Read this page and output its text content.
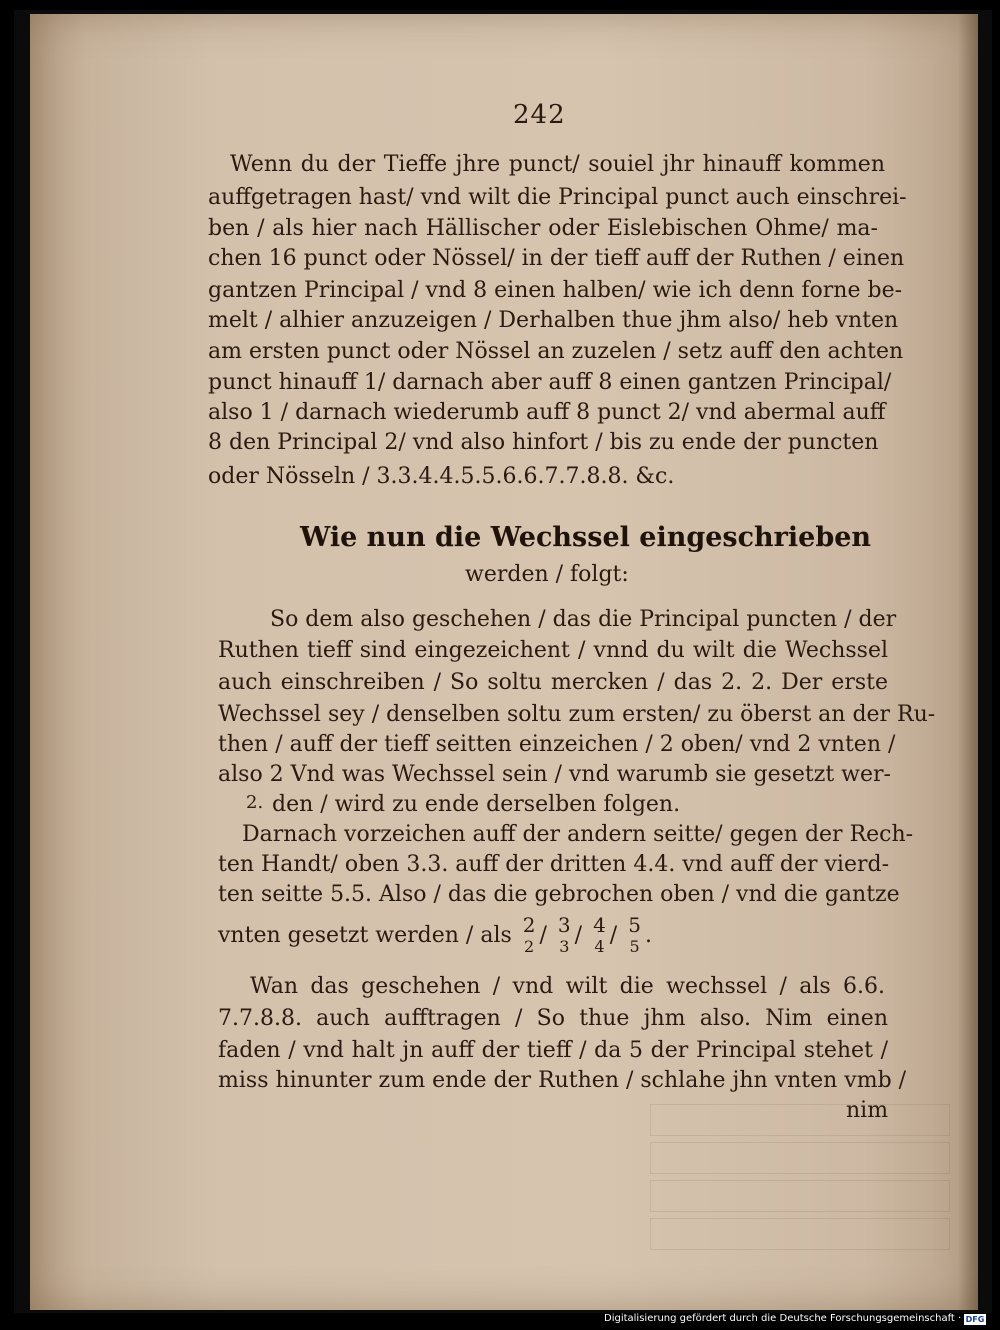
242
Wenn du der Tieffe jhre punct/ souiel jhr hinauff kommen
auffgetragen hast/ vnd wilt die Principal punct auch einschrei-
ben / als hier nach Hällischer oder Eislebischen Ohme/ ma-
chen 16 punct oder Nössel/ in der tieff auff der Ruthen / einen
gantzen Principal / vnd 8 einen halben/ wie ich denn forne be-
melt / alhier anzuzeigen / Derhalben thue jhm also/ heb vnten
am ersten punct oder Nössel an zuzelen / setz auff den achten
punct hinauff 1/ darnach aber auff 8 einen gantzen Principal/
also 1 / darnach wiederumb auff 8 punct 2/ vnd abermal auff
8 den Principal 2/ vnd also hinfort / bis zu ende der puncten
oder Nösseln / 3.3.4.4.5.5.6.6.7.7.8.8. &c.
Wie nun die Wechssel eingeschrieben
werden / folgt:
So dem also geschehen / das die Principal puncten / der
Ruthen tieff sind eingezeichent / vnnd du wilt die Wechssel
auch einschreiben / So soltu mercken / das 2. 2. Der erste
Wechssel sey / denselben soltu zum ersten/ zu öberst an der Ru-
then / auff der tieff seitten einzeichen / 2 oben/ vnd 2 vnten /
also 2 Vnd was Wechssel sein / vnd warumb sie gesetzt wer-
den / wird zu ende derselben folgen.
2.
Darnach vorzeichen auff der andern seitte/ gegen der Rech-
ten Handt/ oben 3.3. auff der dritten 4.4. vnd auff der vierd-
ten seitte 5.5. Also / das die gebrochen oben / vnd die gantze
vnten gesetzt werden / als 2
2 / 3
3 / 4
4 / 5
5 .
Wan das geschehen / vnd wilt die wechssel / als 6.6.
7.7.8.8. auch aufftragen / So thue jhm also. Nim einen
faden / vnd halt jn auff der tieff / da 5 der Principal stehet /
miss hinunter zum ende der Ruthen / schlahe jhn vnten vmb /
nim
Digitalisierung gefördert durch die Deutsche Forschungsgemeinschaft · DFG
